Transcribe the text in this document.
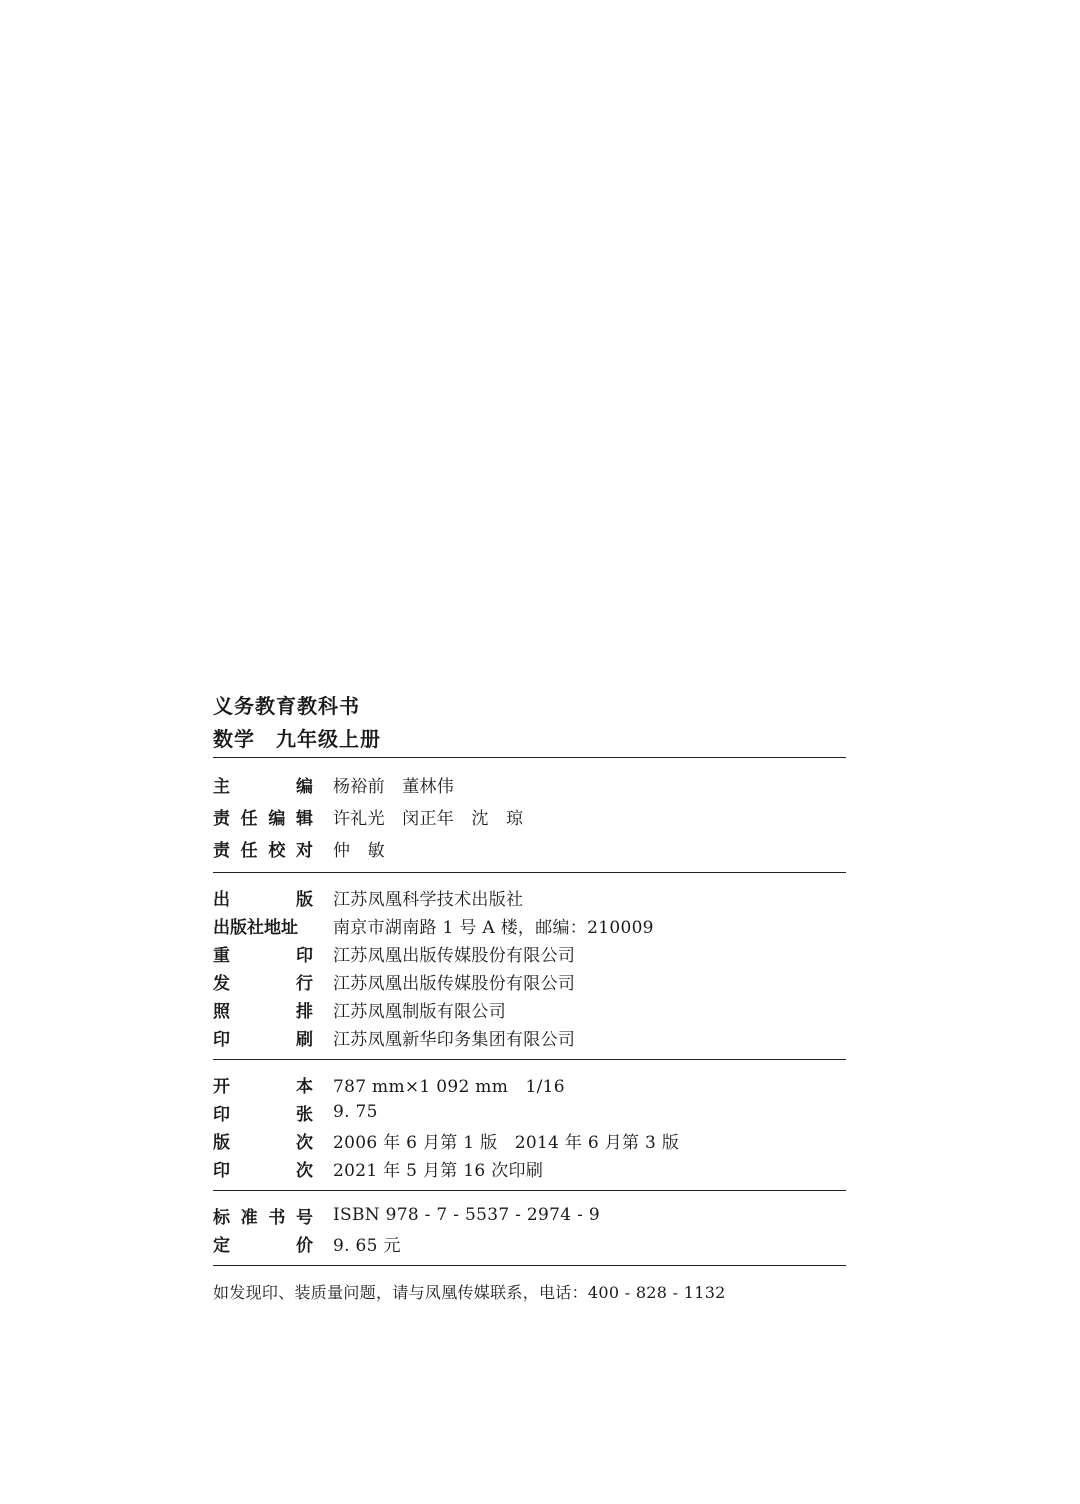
义务教育教科书
数学　九年级上册
主	编 杨裕前　董林伟
责 任 编 辑 许礼光　闵正年　沈　琼
责 任 校 对 仲　敏
出	版 江苏凤凰科学技术出版社
出版社地址 南京市湖南路 1 号 A 楼，邮编：210009
重	印 江苏凤凰出版传媒股份有限公司
发	行 江苏凤凰出版传媒股份有限公司
照	排 江苏凤凰制版有限公司
印	刷 江苏凤凰新华印务集团有限公司
开	本 787 mm×1 092 mm　1/16
印	张 9. 75
版	次 2006 年 6 月第 1 版　2014 年 6 月第 3 版
印	次 2021 年 5 月第 16 次印刷
标 准 书 号 ISBN 978 - 7 - 5537 - 2974 - 9
定	价 9. 65 元
如发现印、装质量问题，请与凤凰传媒联系，电话：400 - 828 - 1132
